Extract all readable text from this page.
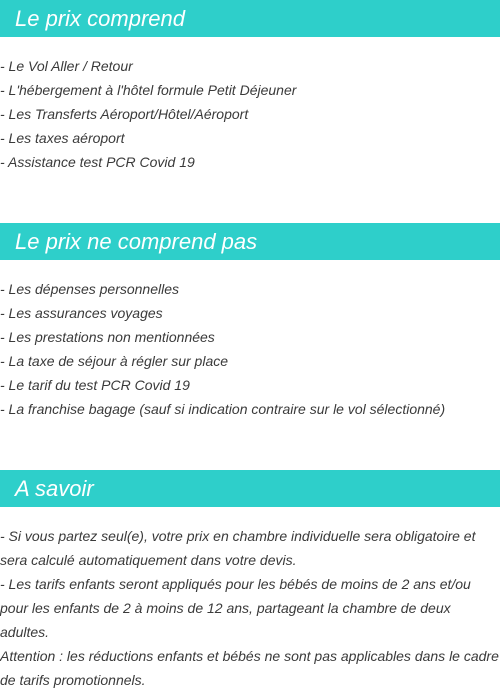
Le prix comprend
- Le Vol Aller / Retour
- L'hébergement à l'hôtel formule Petit Déjeuner
- Les Transferts Aéroport/Hôtel/Aéroport
- Les taxes aéroport
- Assistance test PCR Covid 19
Le prix ne comprend pas
- Les dépenses personnelles
- Les assurances voyages
- Les prestations non mentionnées
- La taxe de séjour à régler sur place
- Le tarif du test PCR Covid 19
- La franchise bagage (sauf si indication contraire sur le vol sélectionné)
A savoir

- Si vous partez seul(e), votre prix en chambre individuelle sera obligatoire et sera calculé automatiquement dans votre devis.

- Les tarifs enfants seront appliqués pour les bébés de moins de 2 ans et/ou pour les enfants de 2 à moins de 12 ans, partageant la chambre de deux adultes.

Attention : les réductions enfants et bébés ne sont pas applicables dans le cadre de tarifs promotionnels.
